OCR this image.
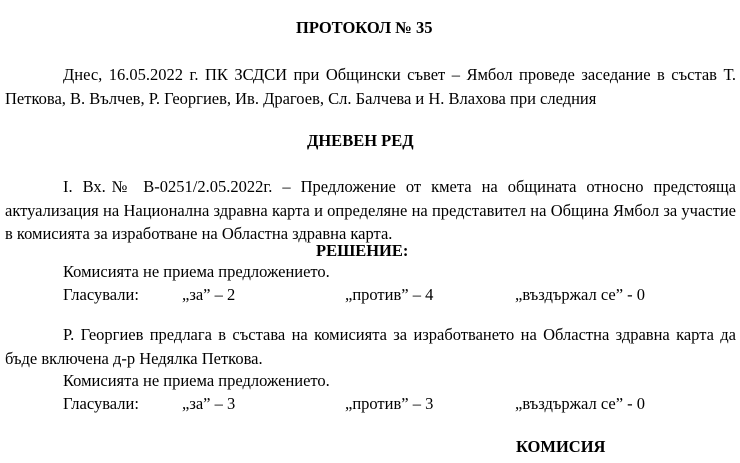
ПРОТОКОЛ № 35
Днес, 16.05.2022 г. ПК ЗСДСИ при Общински съвет – Ямбол проведе заседание в състав Т. Петкова, В. Вълчев, Р. Георгиев, Ив. Драгоев, Сл. Балчева и Н. Влахова при следния
ДНЕВЕН РЕД
I. Вх.№ В-0251/2.05.2022г. – Предложение от кмета на общината относно предстояща актуализация на Национална здравна карта и определяне на представител на Община Ямбол за участие в комисията за изработване на Областна здравна карта.
РЕШЕНИЕ:
Комисията не приема предложението.
Гласували:	„за” – 2	„против” – 4	„въздържал се” - 0
Р. Георгиев предлага в състава на комисията за изработването на Областна здравна карта да бъде включена д-р Недялка Петкова.
Комисията не приема предложението.
Гласували:	„за” – 3	„против” – 3	„въздържал се” - 0
КОМИСИЯ
